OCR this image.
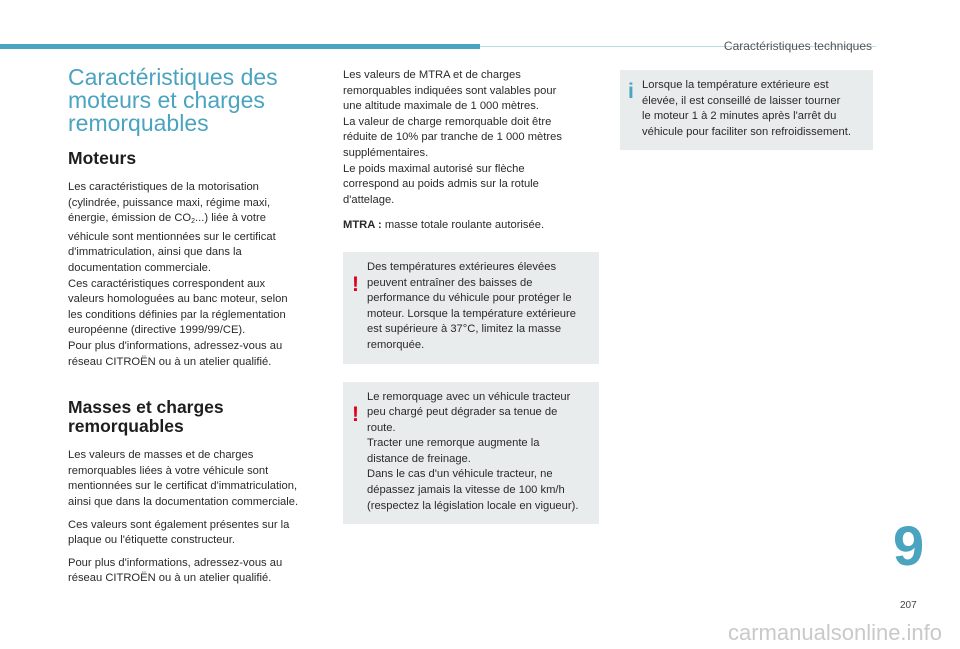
Caractéristiques techniques
Caractéristiques des
moteurs et charges
remorquables
Moteurs

Les caractéristiques de la motorisation
(cylindrée, puissance maxi, régime maxi,
énergie, émission de $CO_2$...) liée à votre
véhicule sont mentionnées sur le certificat
d'immatriculation, ainsi que dans la
documentation commerciale.
Ces caractéristiques correspondent aux
valeurs homologuées au banc moteur, selon
les conditions définies par la réglementation
européenne (directive 1999/99/CE).
Pour plus d'informations, adressez-vous au
réseau CITROËN ou à un atelier qualifié.

Masses et charges
remorquables

Les valeurs de masses et de charges
remorquables liées à votre véhicule sont
mentionnées sur le certificat d'immatriculation,
ainsi que dans la documentation commerciale.

Ces valeurs sont également présentes sur la
plaque ou l'étiquette constructeur.

Pour plus d'informations, adressez-vous au
réseau CITROËN ou à un atelier qualifié.

Les valeurs de MTRA et de charges
remorquables indiquées sont valables pour
une altitude maximale de 1 000 mètres.
La valeur de charge remorquable doit être
réduite de 10% par tranche de 1 000 mètres
supplémentaires.
Le poids maximal autorisé sur flèche
correspond au poids admis sur la rotule
d'attelage.

MTRA : masse totale roulante autorisée.

!
Des températures extérieures élevées
peuvent entraîner des baisses de
performance du véhicule pour protéger le
moteur. Lorsque la température extérieure
est supérieure à 37°C, limitez la masse
remorquée.
!
Le remorquage avec un véhicule tracteur
peu chargé peut dégrader sa tenue de
route.
Tracter une remorque augmente la
distance de freinage.
Dans le cas d'un véhicule tracteur, ne
dépassez jamais la vitesse de 100 km/h
(respectez la législation locale en vigueur).
i Lorsque la température extérieure est
élevée, il est conseillé de laisser tourner
le moteur 1 à 2 minutes après l'arrêt du
véhicule pour faciliter son refroidissement.
9
207
carmanualsonline.info
